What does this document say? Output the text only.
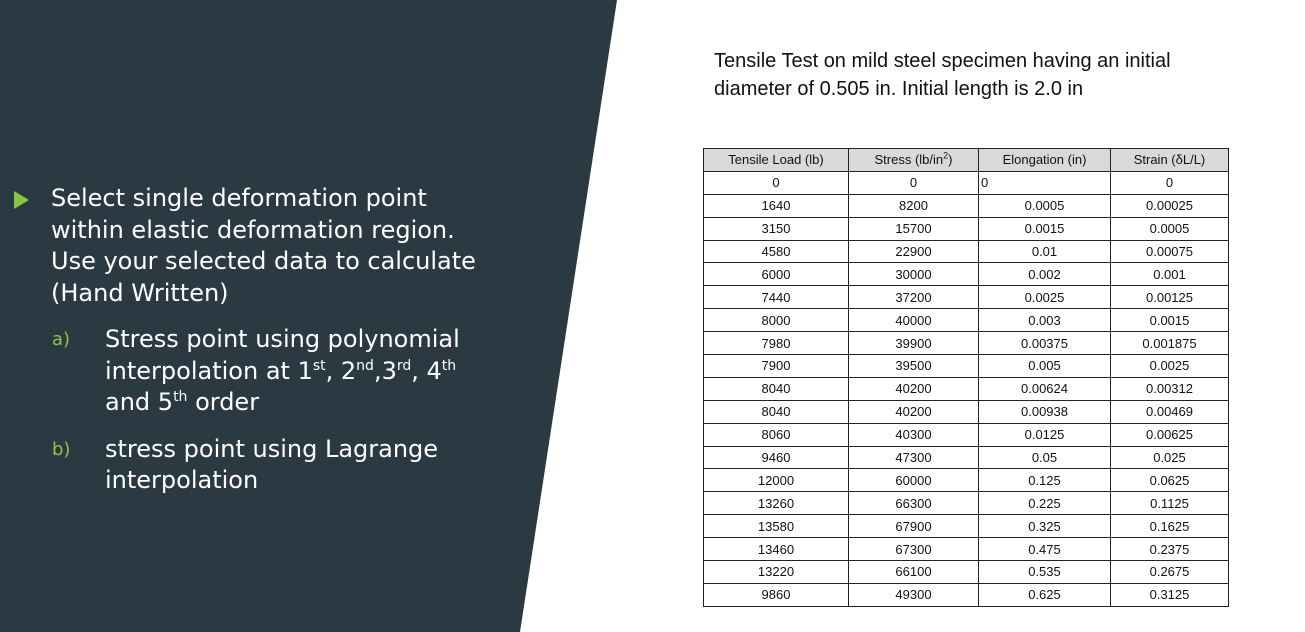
Select single deformation point within elastic deformation region. Use your selected data to calculate (Hand Written)
a)	Stress point using polynomial interpolation at 1st, 2nd,3rd, 4th and 5th order
b)	stress point using Lagrange interpolation
Tensile Test on mild steel specimen having an initial diameter of 0.505 in. Initial length is 2.0 in
Tensile Load (lb)	Stress $(lb/in^2)$	Elongation (in)	Strain (δL/L)
0	0	0	0
1640	8200	0.0005	0.00025
3150	15700	0.0015	0.0005
4580	22900	0.01	0.00075
6000	30000	0.002	0.001
7440	37200	0.0025	0.00125
8000	40000	0.003	0.0015
7980	39900	0.00375	0.001875
7900	39500	0.005	0.0025
8040	40200	0.00624	0.00312
8040	40200	0.00938	0.00469
8060	40300	0.0125	0.00625
9460	47300	0.05	0.025
12000	60000	0.125	0.0625
13260	66300	0.225	0.1125
13580	67900	0.325	0.1625
13460	67300	0.475	0.2375
13220	66100	0.535	0.2675
9860	49300	0.625	0.3125
